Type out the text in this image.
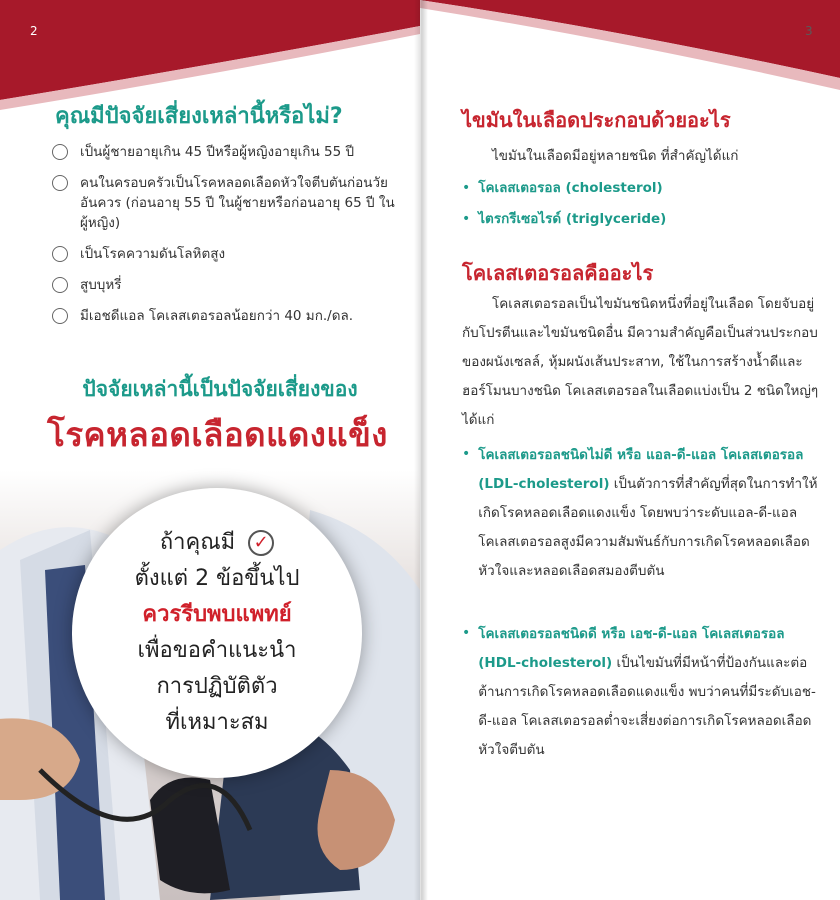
2
คุณมีปัจจัยเสี่ยงเหล่านี้หรือไม่?
เป็นผู้ชายอายุเกิน 45 ปีหรือผู้หญิงอายุเกิน 55 ปี
คนในครอบครัวเป็นโรคหลอดเลือดหัวใจตีบตันก่อนวัยอันควร (ก่อนอายุ 55 ปี ในผู้ชายหรือก่อนอายุ 65 ปี ในผู้หญิง)
เป็นโรคความดันโลหิตสูง
สูบบุหรี่
มีเอชดีแอล โคเลสเตอรอลน้อยกว่า 40 มก./ดล.
ปัจจัยเหล่านี้เป็นปัจจัยเสี่ยงของ
โรคหลอดเลือดแดงแข็ง
ถ้าคุณมี ✓
ตั้งแต่ 2 ข้อขึ้นไป
ควรรีบพบแพทย์
เพื่อขอคำแนะนำ
การปฏิบัติตัว
ที่เหมาะสม
3
ไขมันในเลือดประกอบด้วยอะไร
ไขมันในเลือดมีอยู่หลายชนิด ที่สำคัญได้แก่
• โคเลสเตอรอล (cholesterol)
• ไตรกรีเซอไรด์ (triglyceride)
โคเลสเตอรอลคืออะไร
โคเลสเตอรอลเป็นไขมันชนิดหนึ่งที่อยู่ในเลือด โดยจับอยู่กับโปรตีนและไขมันชนิดอื่น มีความสำคัญคือเป็นส่วนประกอบของผนังเซลล์, หุ้มผนังเส้นประสาท, ใช้ในการสร้างน้ำดีและฮอร์โมนบางชนิด โคเลสเตอรอลในเลือดแบ่งเป็น 2 ชนิดใหญ่ๆ ได้แก่
• โคเลสเตอรอลชนิดไม่ดี หรือ แอล-ดี-แอล โคเลสเตอรอล
(LDL-cholesterol) เป็นตัวการที่สำคัญที่สุดในการทำให้เกิดโรคหลอดเลือดแดงแข็ง โดยพบว่าระดับแอล-ดี-แอล โคเลสเตอรอลสูงมีความสัมพันธ์กับการเกิดโรคหลอดเลือดหัวใจและหลอดเลือดสมองตีบตัน
• โคเลสเตอรอลชนิดดี หรือ เอช-ดี-แอล โคเลสเตอรอล
(HDL-cholesterol) เป็นไขมันที่มีหน้าที่ป้องกันและต่อต้านการเกิดโรคหลอดเลือดแดงแข็ง พบว่าคนที่มีระดับเอช-ดี-แอล โคเลสเตอรอลต่ำจะเสี่ยงต่อการเกิดโรคหลอดเลือดหัวใจตีบตัน
